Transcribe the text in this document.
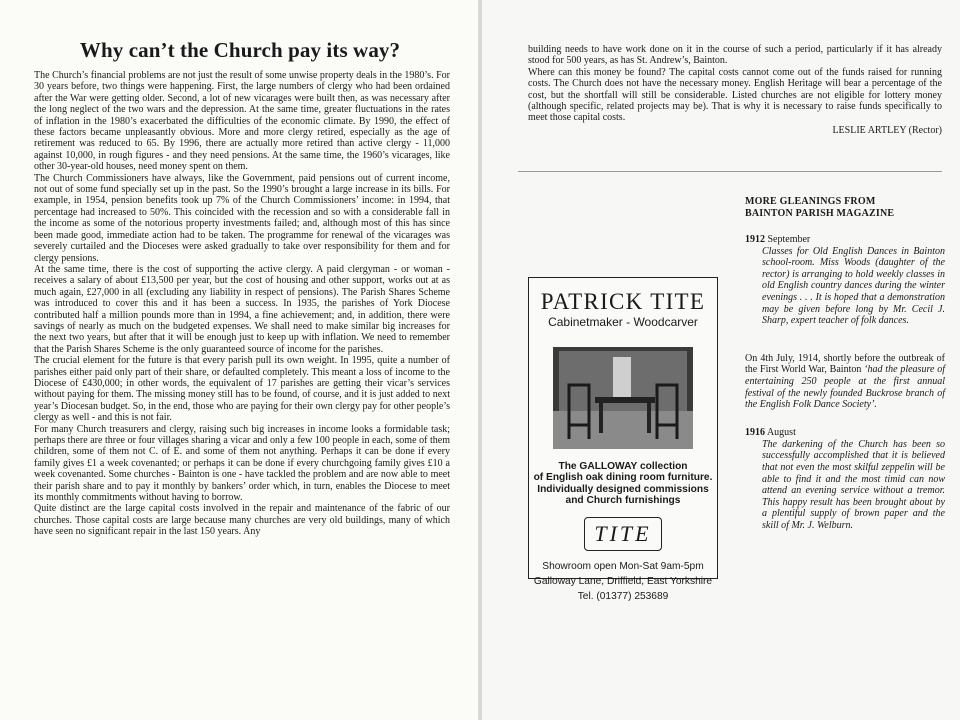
Why can’t the Church pay its way?

The Church’s financial problems are not just the result of some unwise property deals in the 1980’s. For 30 years before, two things were happening. First, the large numbers of clergy who had been ordained after the War were getting older. Second, a lot of new vicarages were built then, as was necessary after the long neglect of the two wars and the depression. At the same time, greater fluctuations in the rates of inflation in the 1980’s exacerbated the difficulties of the economic climate. By 1990, the effect of these factors became unpleasantly obvious. More and more clergy retired, especially as the age of retirement was reduced to 65. By 1996, there are actually more retired than active clergy - 11,000 against 10,000, in rough figures - and they need pensions. At the same time, the 1960’s vicarages, like other 30-year-old houses, need money spent on them.

The Church Commissioners have always, like the Government, paid pensions out of current income, not out of some fund specially set up in the past. So the 1990’s brought a large increase in its bills. For example, in 1954, pension benefits took up 7% of the Church Commissioners’ income: in 1994, that percentage had increased to 50%. This coincided with the recession and so with a considerable fall in the income as some of the notorious property investments failed; and, although most of this has since been made good, immediate action had to be taken. The programme for renewal of the vicarages was severely curtailed and the Dioceses were asked gradually to take over responsibility for them and for clergy pensions.

At the same time, there is the cost of supporting the active clergy. A paid clergyman - or woman - receives a salary of about £13,500 per year, but the cost of housing and other support, works out at as much again, £27,000 in all (excluding any liability in respect of pensions). The Parish Shares Scheme was introduced to cover this and it has been a success. In 1935, the parishes of York Diocese contributed half a million pounds more than in 1994, a fine achievement; and, in addition, there were savings of nearly as much on the budgeted expenses. We shall need to make similar big increases for the next two years, but after that it will be enough just to keep up with inflation. We need to remember that the Parish Shares Scheme is the only guaranteed source of income for the parishes.

The crucial element for the future is that every parish pull its own weight. In 1995, quite a number of parishes either paid only part of their share, or defaulted completely. This meant a loss of income to the Diocese of £430,000; in other words, the equivalent of 17 parishes are getting their vicar’s services without paying for them. The missing money still has to be found, of course, and it is just added to next year’s Diocesan budget. So, in the end, those who are paying for their own clergy pay for other people’s clergy as well - and this is not fair.

For many Church treasurers and clergy, raising such big increases in income looks a formidable task; perhaps there are three or four villages sharing a vicar and only a few 100 people in each, some of them children, some of them not C. of E. and some of them not anything. Perhaps it can be done if every family gives £1 a week covenanted; or perhaps it can be done if every churchgoing family gives £10 a week covenanted. Some churches - Bainton is one - have tackled the problem and are now able to meet their parish share and to pay it monthly by bankers’ order which, in turn, enables the Diocese to meet its monthly commitments without having to borrow.

Quite distinct are the large capital costs involved in the repair and maintenance of the fabric of our churches. Those capital costs are large because many churches are very old buildings, many of which have seen no significant repair in the last 150 years. Any

building needs to have work done on it in the course of such a period, particularly if it has already stood for 500 years, as has St. Andrew’s, Bainton.

Where can this money be found? The capital costs cannot come out of the funds raised for running costs. The Church does not have the necessary money. English Heritage will bear a percentage of the cost, but the shortfall will still be considerable. Listed churches are not eligible for lottery money (although specific, related projects may be). That is why it is necessary to raise funds specifically to meet those capital costs.

LESLIE ARTLEY (Rector)
PATRICK TITE
Cabinetmaker - Woodcarver
The GALLOWAY collection
of English oak dining room furniture.
Individually designed commissions
and Church furnishings
TITE
Showroom open Mon-Sat 9am-5pm
Galloway Lane, Driffield, East Yorkshire
Tel. (01377) 253689
MORE GLEANINGS FROM
BAINTON PARISH MAGAZINE
1912 September
Classes for Old English Dances in Bainton school-room. Miss Woods (daughter of the rector) is arranging to hold weekly classes in old English country dances during the winter evenings . . . It is hoped that a demonstration may be given before long by Mr. Cecil J. Sharp, expert teacher of folk dances.
On 4th July, 1914, shortly before the outbreak of the First World War, Bainton ‘had the pleasure of entertaining 250 people at the first annual festival of the newly founded Buckrose branch of the English Folk Dance Society’.
1916 August
The darkening of the Church has been so successfully accomplished that it is believed that not even the most skilful zeppelin will be able to find it and the most timid can now attend an evening service without a tremor. This happy result has been brought about by a plentiful supply of brown paper and the skill of Mr. J. Welburn.
